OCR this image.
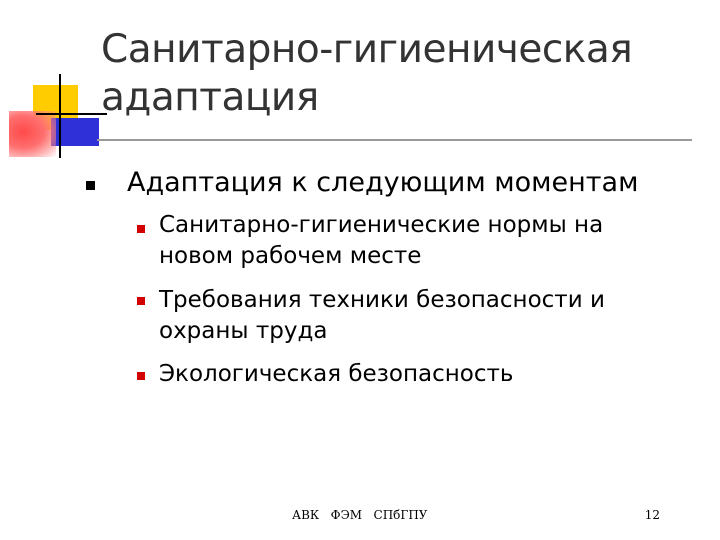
Санитарно-гигиеническая адаптация
Адаптация к следующим моментам
Санитарно-гигиенические нормы на новом рабочем месте
Требования техники безопасности и охраны труда
Экологическая безопасность
АВК   ФЭМ   СПбГПУ	12
